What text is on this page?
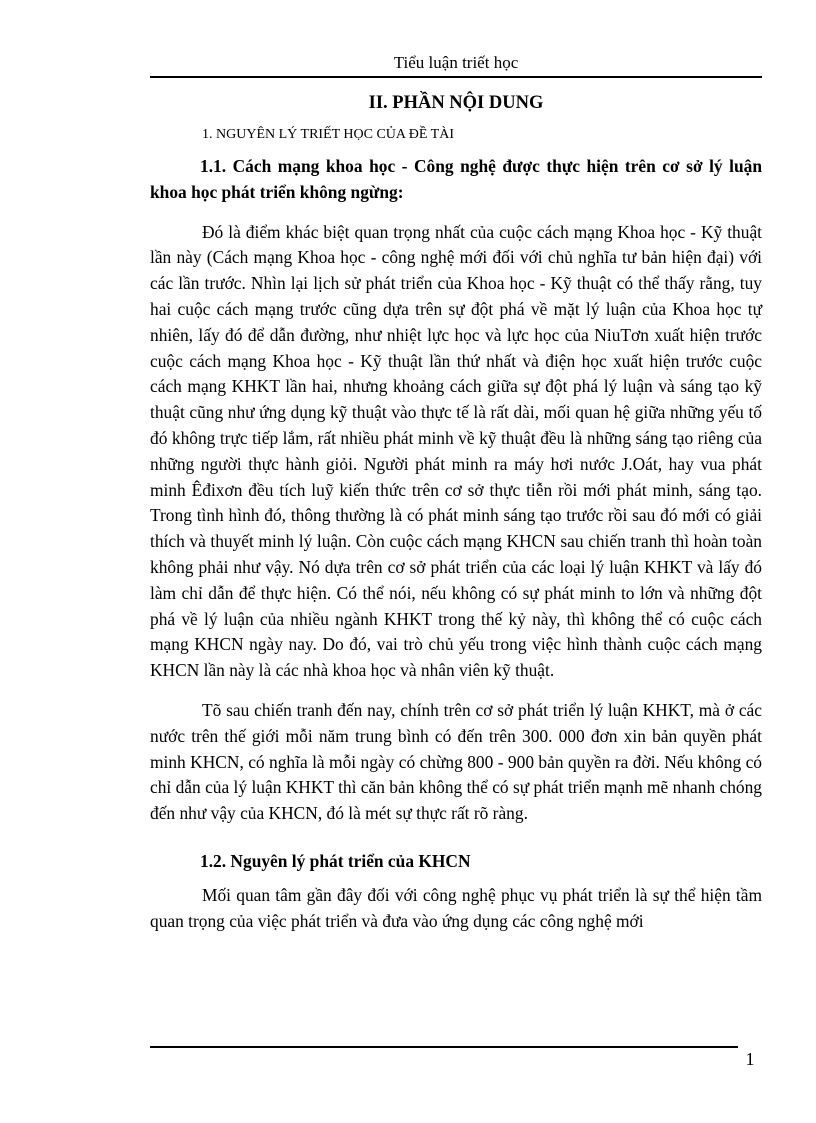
Tiểu luận triết học
II. PHẦN NỘI DUNG
1. NGUYÊN LÝ TRIẾT HỌC CỦA ĐỀ TÀI
1.1. Cách mạng khoa học - Công nghệ được thực hiện trên cơ sở lý luận khoa học phát triển không ngừng:
Đó là điểm khác biệt quan trọng nhất của cuộc cách mạng Khoa học - Kỹ thuật lần này (Cách mạng Khoa học - công nghệ mới đối với chủ nghĩa tư bản hiện đại) với các lần trước. Nhìn lại lịch sử phát triển của Khoa học - Kỹ thuật có thể thấy rằng, tuy hai cuộc cách mạng trước cũng dựa trên sự đột phá về mặt lý luận của Khoa học tự nhiên, lấy đó để dẫn đường, như nhiệt lực học và lực học của NiuTơn xuất hiện trước cuộc cách mạng Khoa học - Kỹ thuật lần thứ nhất và điện học xuất hiện trước cuộc cách mạng KHKT lần hai, nhưng khoảng cách giữa sự đột phá lý luận và sáng tạo kỹ thuật cũng như ứng dụng kỹ thuật vào thực tế là rất dài, mối quan hệ giữa những yếu tố đó không trực tiếp lắm, rất nhiều phát minh về kỹ thuật đều là những sáng tạo riêng của những người thực hành giỏi. Người phát minh ra máy hơi nước J.Oát, hay vua phát minh Êđixơn đều tích luỹ kiến thức trên cơ sở thực tiễn rồi mới phát minh, sáng tạo. Trong tình hình đó, thông thường là có phát minh sáng tạo trước rồi sau đó mới có giải thích và thuyết minh lý luận. Còn cuộc cách mạng KHCN sau chiến tranh thì hoàn toàn không phải như vậy. Nó dựa trên cơ sở phát triển của các loại lý luận KHKT và lấy đó làm chỉ dẫn để thực hiện. Có thể nói, nếu không có sự phát minh to lớn và những đột phá về lý luận của nhiều ngành KHKT trong thế kỷ này, thì không thể có cuộc cách mạng KHCN ngày nay. Do đó, vai trò chủ yếu trong việc hình thành cuộc cách mạng KHCN lần này là các nhà khoa học và nhân viên kỹ thuật.
Tõ sau chiến tranh đến nay, chính trên cơ sở phát triển lý luận KHKT, mà ở các nước trên thế giới mỗi năm trung bình có đến trên 300. 000 đơn xin bản quyền phát minh KHCN, có nghĩa là mỗi ngày có chừng 800 - 900 bản quyền ra đời. Nếu không có chỉ dẫn của lý luận KHKT thì căn bản không thể có sự phát triển mạnh mẽ nhanh chóng đến như vậy của KHCN, đó là mét sự thực rất rõ ràng.
1.2. Nguyên lý phát triển của KHCN
Mối quan tâm gần đây đối với công nghệ phục vụ phát triển là sự thể hiện tầm quan trọng của việc phát triển và đưa vào ứng dụng các công nghệ mới
1
